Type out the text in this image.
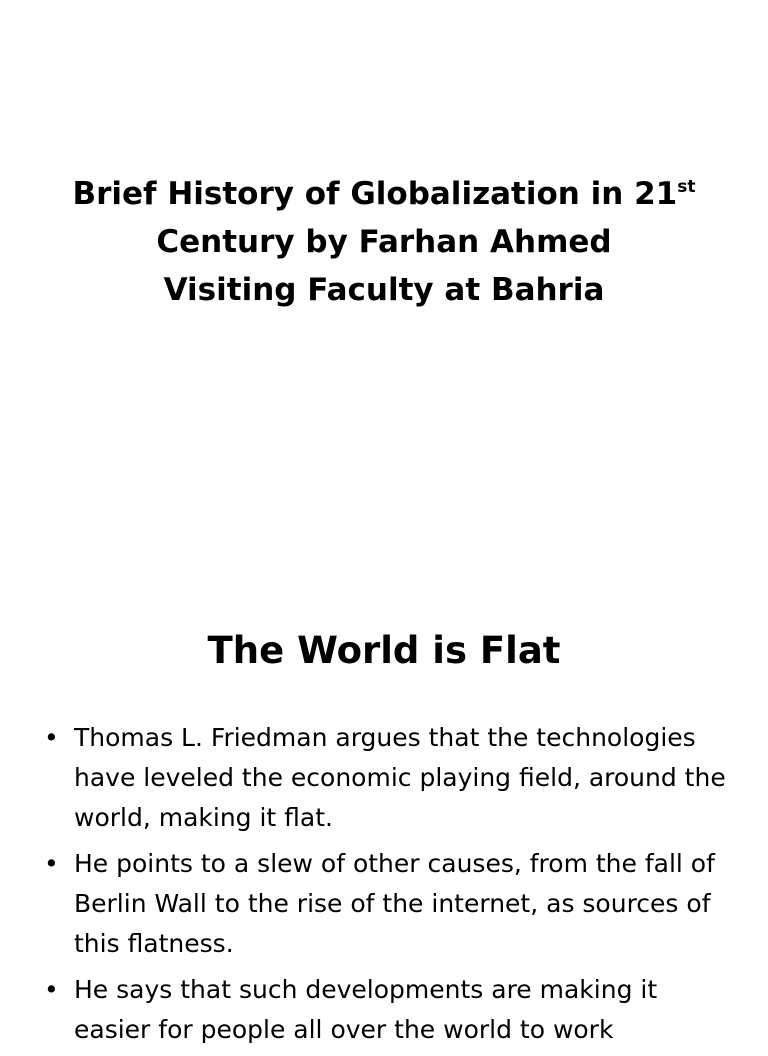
Brief History of Globalization in 21st
Century by Farhan Ahmed
Visiting Faculty at Bahria
The World is Flat
• Thomas L. Friedman argues that the technologies have leveled the economic playing field, around the world, making it flat.
• He points to a slew of other causes, from the fall of Berlin Wall to the rise of the internet, as sources of this flatness.
• He says that such developments are making it easier for people all over the world to work
